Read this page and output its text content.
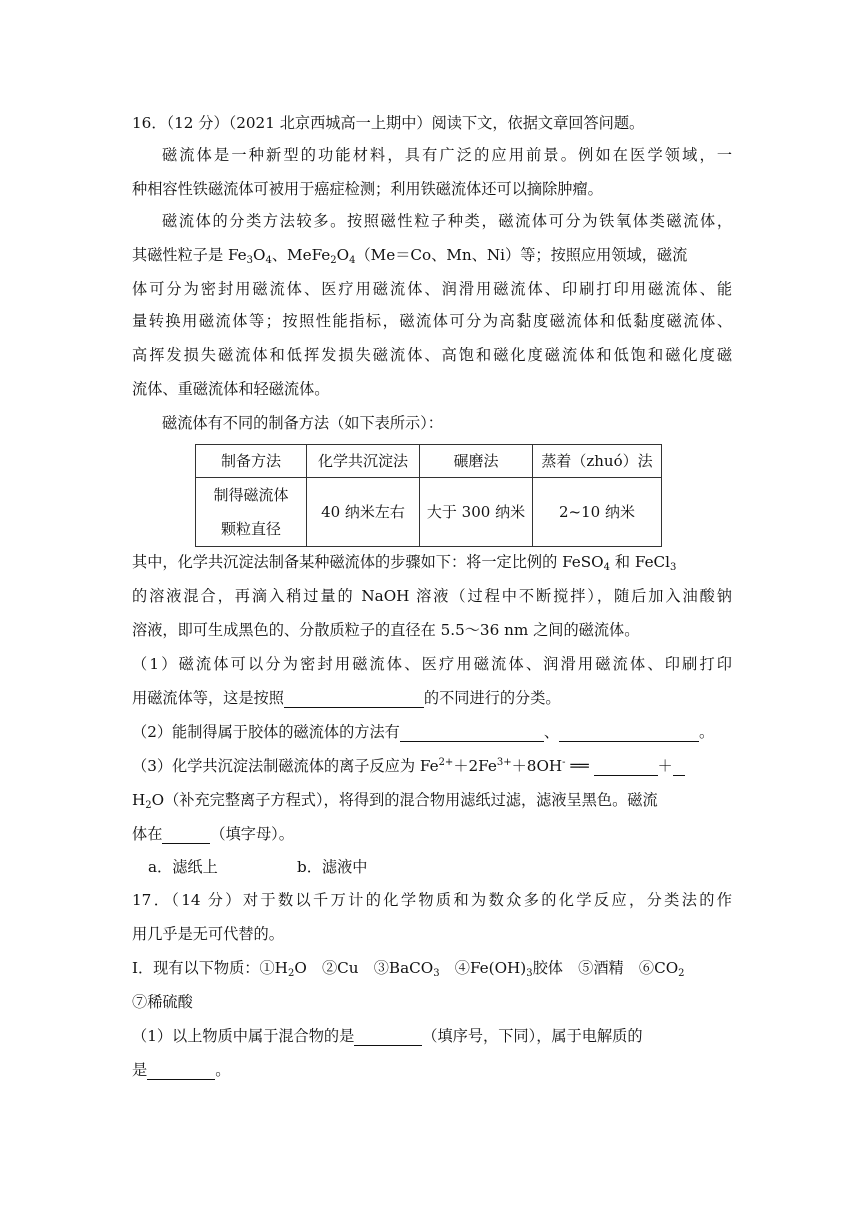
16．（12 分）（2021 北京西城高一上期中）阅读下文，依据文章回答问题。
磁流体是一种新型的功能材料，具有广泛的应用前景。例如在医学领域，一
种相容性铁磁流体可被用于癌症检测；利用铁磁流体还可以摘除肿瘤。
磁流体的分类方法较多。按照磁性粒子种类，磁流体可分为铁氧体类磁流体，
其磁性粒子是 $Fe_3O_4$、$MeFe_2O_4(Me=Co$、Mn、Ni）等；按照应用领域，磁流
体可分为密封用磁流体、医疗用磁流体、润滑用磁流体、印刷打印用磁流体、能
量转换用磁流体等；按照性能指标，磁流体可分为高黏度磁流体和低黏度磁流体、
高挥发损失磁流体和低挥发损失磁流体、高饱和磁化度磁流体和低饱和磁化度磁
流体、重磁流体和轻磁流体。
磁流体有不同的制备方法（如下表所示）：
制备方法	化学共沉淀法	碾磨法	蒸着（zhuó）法

制得磁流体
颗粒直径	40 纳米左右	大于 300 纳米	2~10 纳米
其中，化学共沉淀法制备某种磁流体的步骤如下：将一定比例的 FeSO$_4$ 和 FeCl$_3$
的溶液混合，再滴入稍过量的 NaOH 溶液（过程中不断搅拌），随后加入油酸钠
溶液，即可生成黑色的、分散质粒子的直径在 5.5～36 nm 之间的磁流体。
（1）磁流体可以分为密封用磁流体、医疗用磁流体、润滑用磁流体、印刷打印
用磁流体等，这是按照	的不同进行的分类。
（2）能制得属于胶体的磁流体的方法有	、	。
（3）化学共沉淀法制磁流体的离子反应为 $Fe^{2+}+2Fe^{3+}+8OH^-$ ══	＋
$H_2O$（补充完整离子方程式），将得到的混合物用滤纸过滤，滤液呈黑色。磁流
体在	（填字母）。
a．滤纸上	b．滤液中
17．（14 分）对于数以千万计的化学物质和为数众多的化学反应，分类法的作
用几乎是无可代替的。
I．现有以下物质：$①H_2O$　②Cu　③BaCO$_3$　$④Fe(OH)_3$胶体　⑤酒精　$⑥CO_2$
⑦稀硫酸
（1）以上物质中属于混合物的是	（填序号，下同），属于电解质的
是	。
